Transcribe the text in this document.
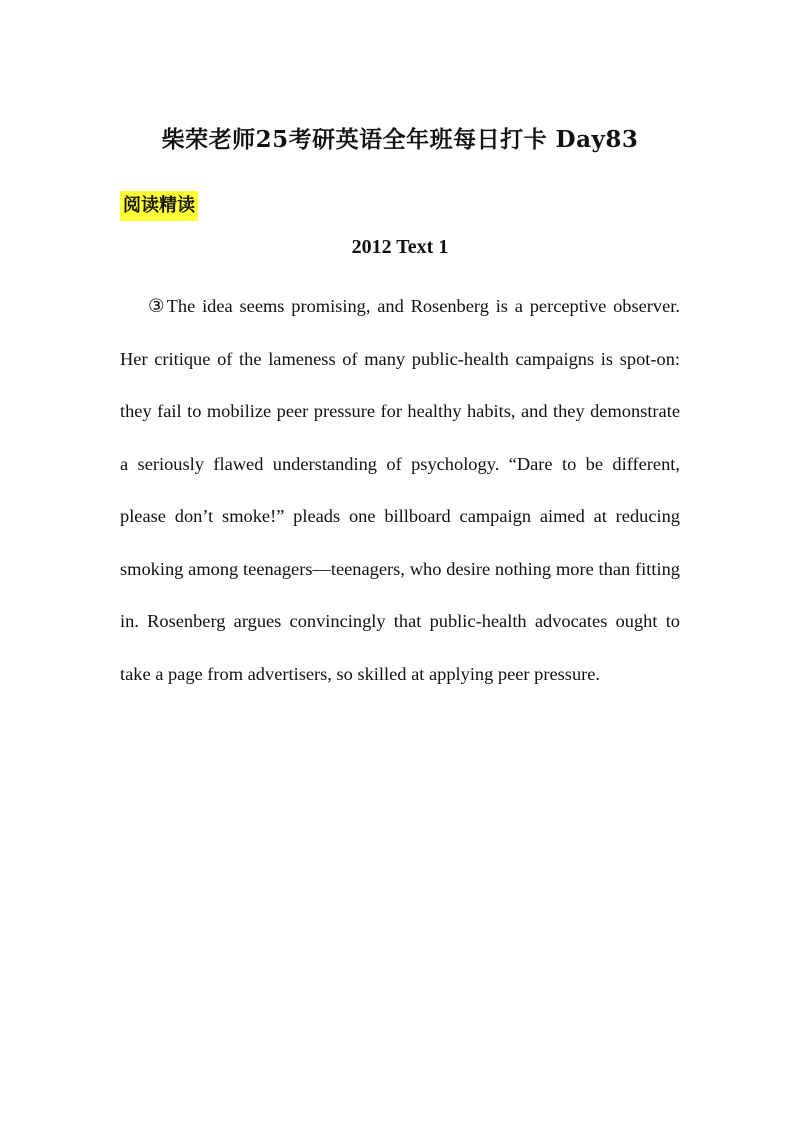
柴荣老师25考研英语全年班每日打卡 Day83
阅读精读
2012 Text 1

③The idea seems promising, and Rosenberg is a perceptive observer. Her critique of the lameness of many public-health campaigns is spot-on: they fail to mobilize peer pressure for healthy habits, and they demonstrate a seriously flawed understanding of psychology. “Dare to be different, please don’t smoke!” pleads one billboard campaign aimed at reducing smoking among teenagers—teenagers, who desire nothing more than fitting in. Rosenberg argues convincingly that public-health advocates ought to take a page from advertisers, so skilled at applying peer pressure.
